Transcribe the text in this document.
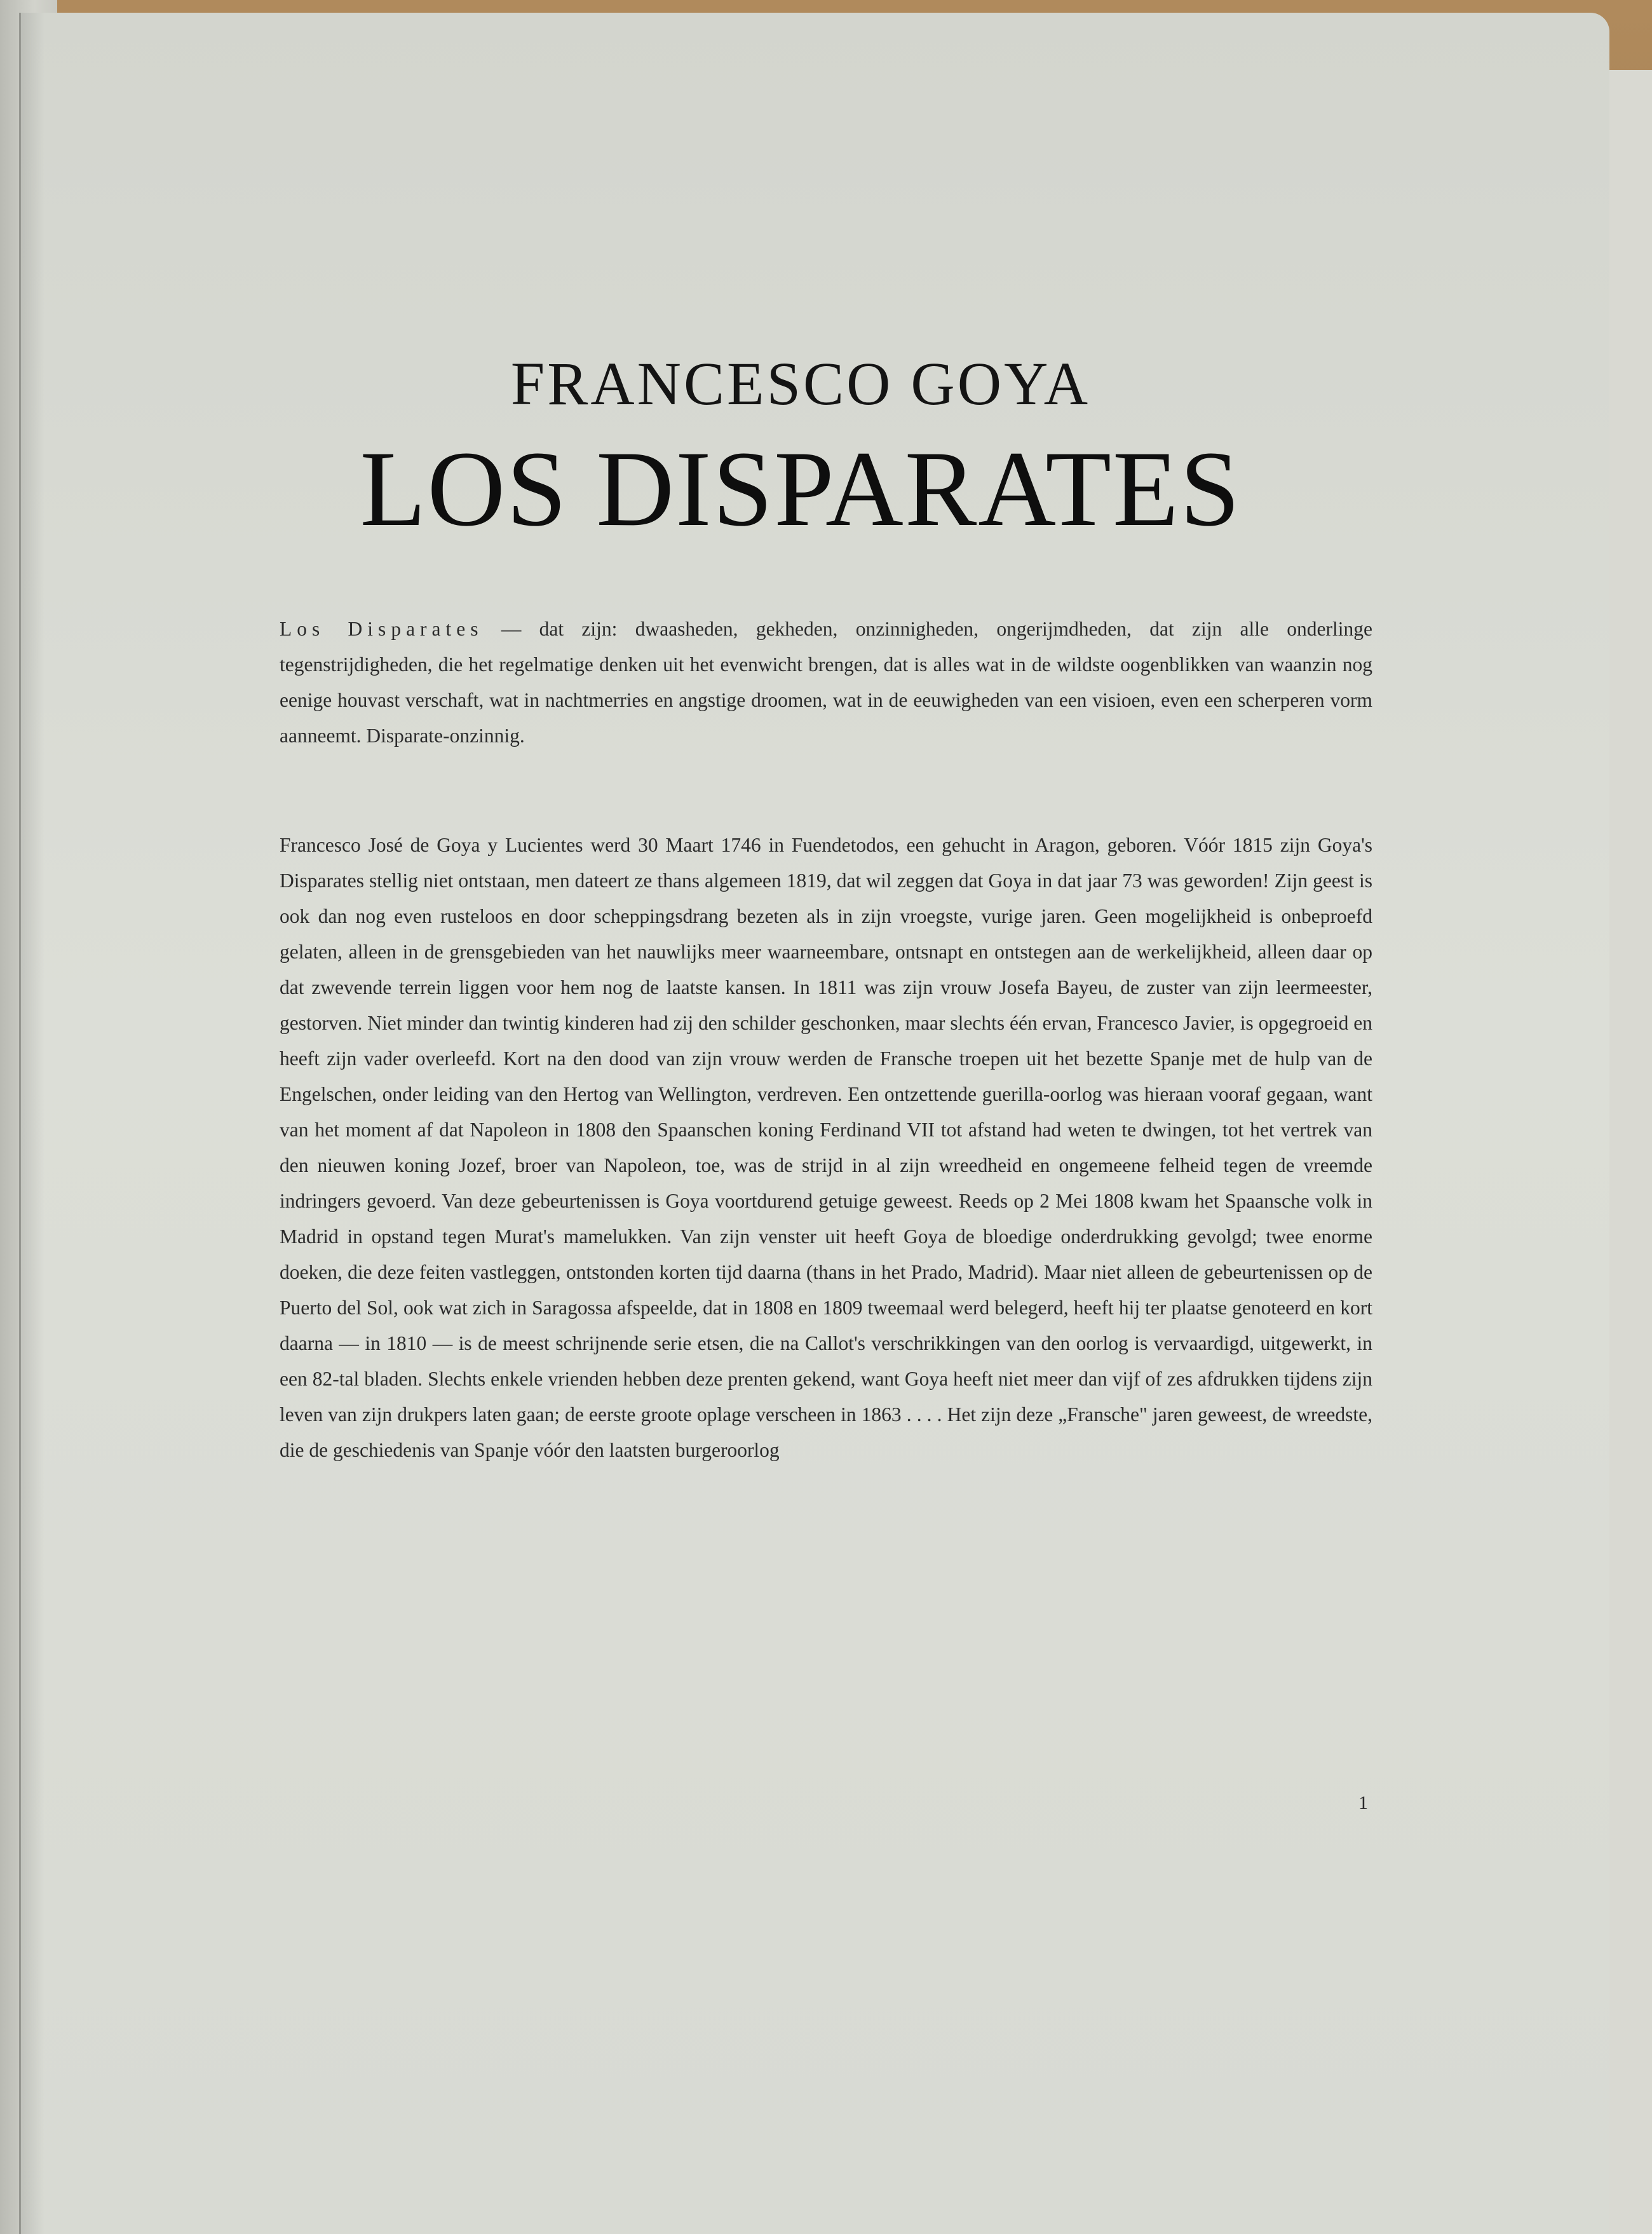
FRANCESCO GOYA
LOS DISPARATES
Los Disparates — dat zijn: dwaasheden, gekheden, onzinnigheden, ongerijmdheden, dat zijn alle onderlinge tegenstrijdigheden, die het regelmatige denken uit het evenwicht brengen, dat is alles wat in de wildste oogenblikken van waanzin nog eenige houvast verschaft, wat in nachtmerries en angstige droomen, wat in de eeuwigheden van een visioen, even een scherperen vorm aanneemt. Disparate-onzinnig.
Francesco José de Goya y Lucientes werd 30 Maart 1746 in Fuendetodos, een gehucht in Aragon, geboren. Vóór 1815 zijn Goya's Disparates stellig niet ontstaan, men dateert ze thans algemeen 1819, dat wil zeggen dat Goya in dat jaar 73 was geworden! Zijn geest is ook dan nog even rusteloos en door scheppingsdrang bezeten als in zijn vroegste, vurige jaren. Geen mogelijkheid is onbeproefd gelaten, alleen in de grensgebieden van het nauwlijks meer waarneembare, ontsnapt en ontstegen aan de werkelijkheid, alleen daar op dat zwevende terrein liggen voor hem nog de laatste kansen. In 1811 was zijn vrouw Josefa Bayeu, de zuster van zijn leermeester, gestorven. Niet minder dan twintig kinderen had zij den schilder geschonken, maar slechts één ervan, Francesco Javier, is opgegroeid en heeft zijn vader overleefd. Kort na den dood van zijn vrouw werden de Fransche troepen uit het bezette Spanje met de hulp van de Engelschen, onder leiding van den Hertog van Wellington, verdreven. Een ontzettende guerilla-oorlog was hieraan vooraf gegaan, want van het moment af dat Napoleon in 1808 den Spaanschen koning Ferdinand VII tot afstand had weten te dwingen, tot het vertrek van den nieuwen koning Jozef, broer van Napoleon, toe, was de strijd in al zijn wreedheid en ongemeene felheid tegen de vreemde indringers gevoerd. Van deze gebeurtenissen is Goya voortdurend getuige geweest. Reeds op 2 Mei 1808 kwam het Spaansche volk in Madrid in opstand tegen Murat's mamelukken. Van zijn venster uit heeft Goya de bloedige onderdrukking gevolgd; twee enorme doeken, die deze feiten vastleggen, ontstonden korten tijd daarna (thans in het Prado, Madrid). Maar niet alleen de gebeurtenissen op de Puerto del Sol, ook wat zich in Saragossa afspeelde, dat in 1808 en 1809 tweemaal werd belegerd, heeft hij ter plaatse genoteerd en kort daarna — in 1810 — is de meest schrijnende serie etsen, die na Callot's verschrikkingen van den oorlog is vervaardigd, uitgewerkt, in een 82-tal bladen. Slechts enkele vrienden hebben deze prenten gekend, want Goya heeft niet meer dan vijf of zes afdrukken tijdens zijn leven van zijn drukpers laten gaan; de eerste groote oplage verscheen in 1863 . . . . Het zijn deze „Fransche" jaren geweest, de wreedste, die de geschiedenis van Spanje vóór den laatsten burgeroorlog
1
